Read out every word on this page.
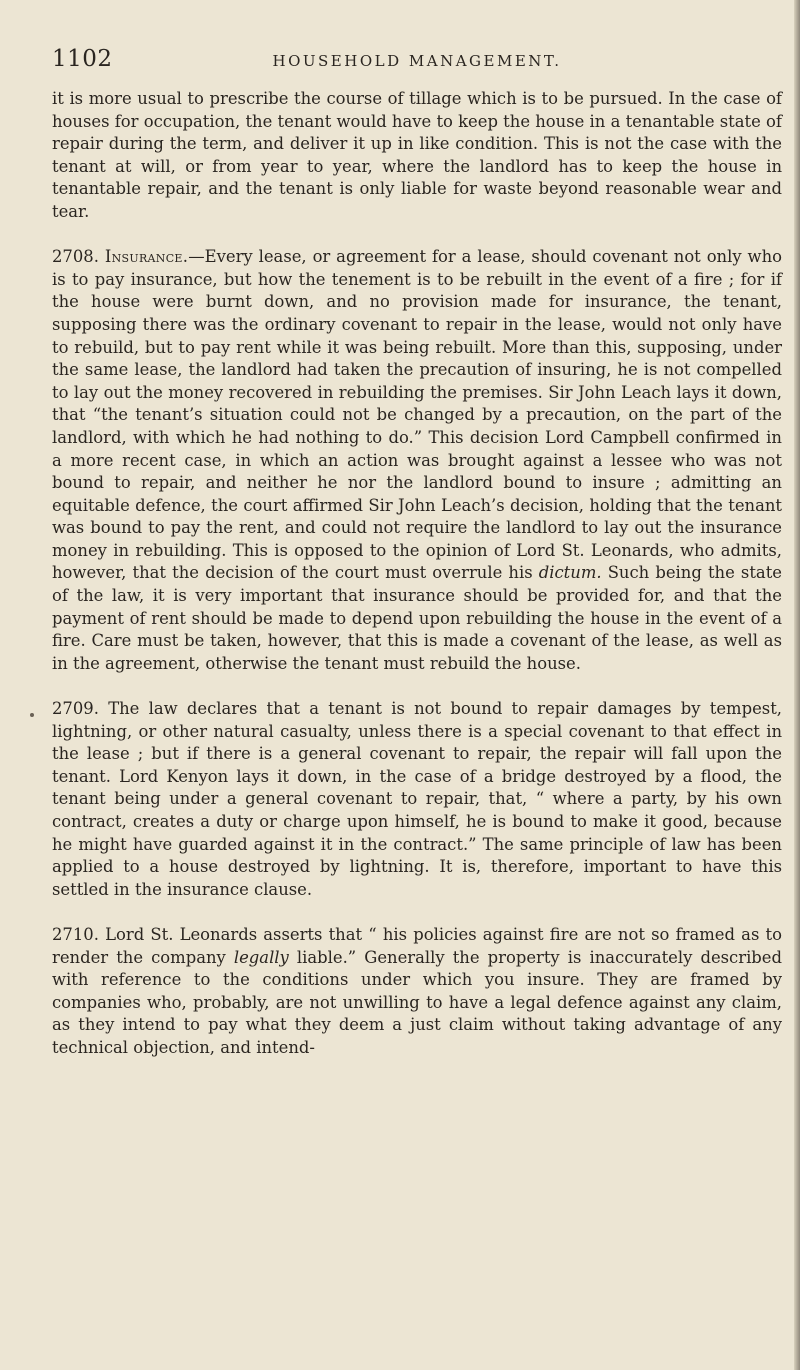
1102	HOUSEHOLD MANAGEMENT.

it is more usual to prescribe the course of tillage which is to be pursued. In the case of houses for occupation, the tenant would have to keep the house in a tenantable state of repair during the term, and deliver it up in like condition. This is not the case with the tenant at will, or from year to year, where the landlord has to keep the house in tenantable repair, and the tenant is only liable for waste beyond reasonable wear and tear.

2708. Insurance.—Every lease, or agreement for a lease, should covenant not only who is to pay insurance, but how the tenement is to be rebuilt in the event of a fire ; for if the house were burnt down, and no provision made for insurance, the tenant, supposing there was the ordinary covenant to repair in the lease, would not only have to rebuild, but to pay rent while it was being rebuilt. More than this, supposing, under the same lease, the landlord had taken the precaution of insuring, he is not compelled to lay out the money recovered in rebuilding the premises. Sir John Leach lays it down, that “the tenant’s situation could not be changed by a precaution, on the part of the landlord, with which he had nothing to do.” This decision Lord Campbell confirmed in a more recent case, in which an action was brought against a lessee who was not bound to repair, and neither he nor the landlord bound to insure ; admitting an equitable defence, the court affirmed Sir John Leach’s decision, holding that the tenant was bound to pay the rent, and could not require the landlord to lay out the insurance money in rebuilding. This is opposed to the opinion of Lord St. Leonards, who admits, however, that the decision of the court must overrule his dictum. Such being the state of the law, it is very important that insurance should be provided for, and that the payment of rent should be made to depend upon rebuilding the house in the event of a fire. Care must be taken, however, that this is made a covenant of the lease, as well as in the agreement, otherwise the tenant must rebuild the house.

2709. The law declares that a tenant is not bound to repair damages by tempest, lightning, or other natural casualty, unless there is a special covenant to that effect in the lease ; but if there is a general covenant to repair, the repair will fall upon the tenant. Lord Kenyon lays it down, in the case of a bridge destroyed by a flood, the tenant being under a general covenant to repair, that, “ where a party, by his own contract, creates a duty or charge upon himself, he is bound to make it good, because he might have guarded against it in the contract.” The same principle of law has been applied to a house destroyed by lightning. It is, therefore, important to have this settled in the insurance clause.

2710. Lord St. Leonards asserts that “ his policies against fire are not so framed as to render the company legally liable.” Generally the property is inaccurately described with reference to the conditions under which you insure. They are framed by companies who, probably, are not unwilling to have a legal defence against any claim, as they intend to pay what they deem a just claim without taking advantage of any technical objection, and intend-
